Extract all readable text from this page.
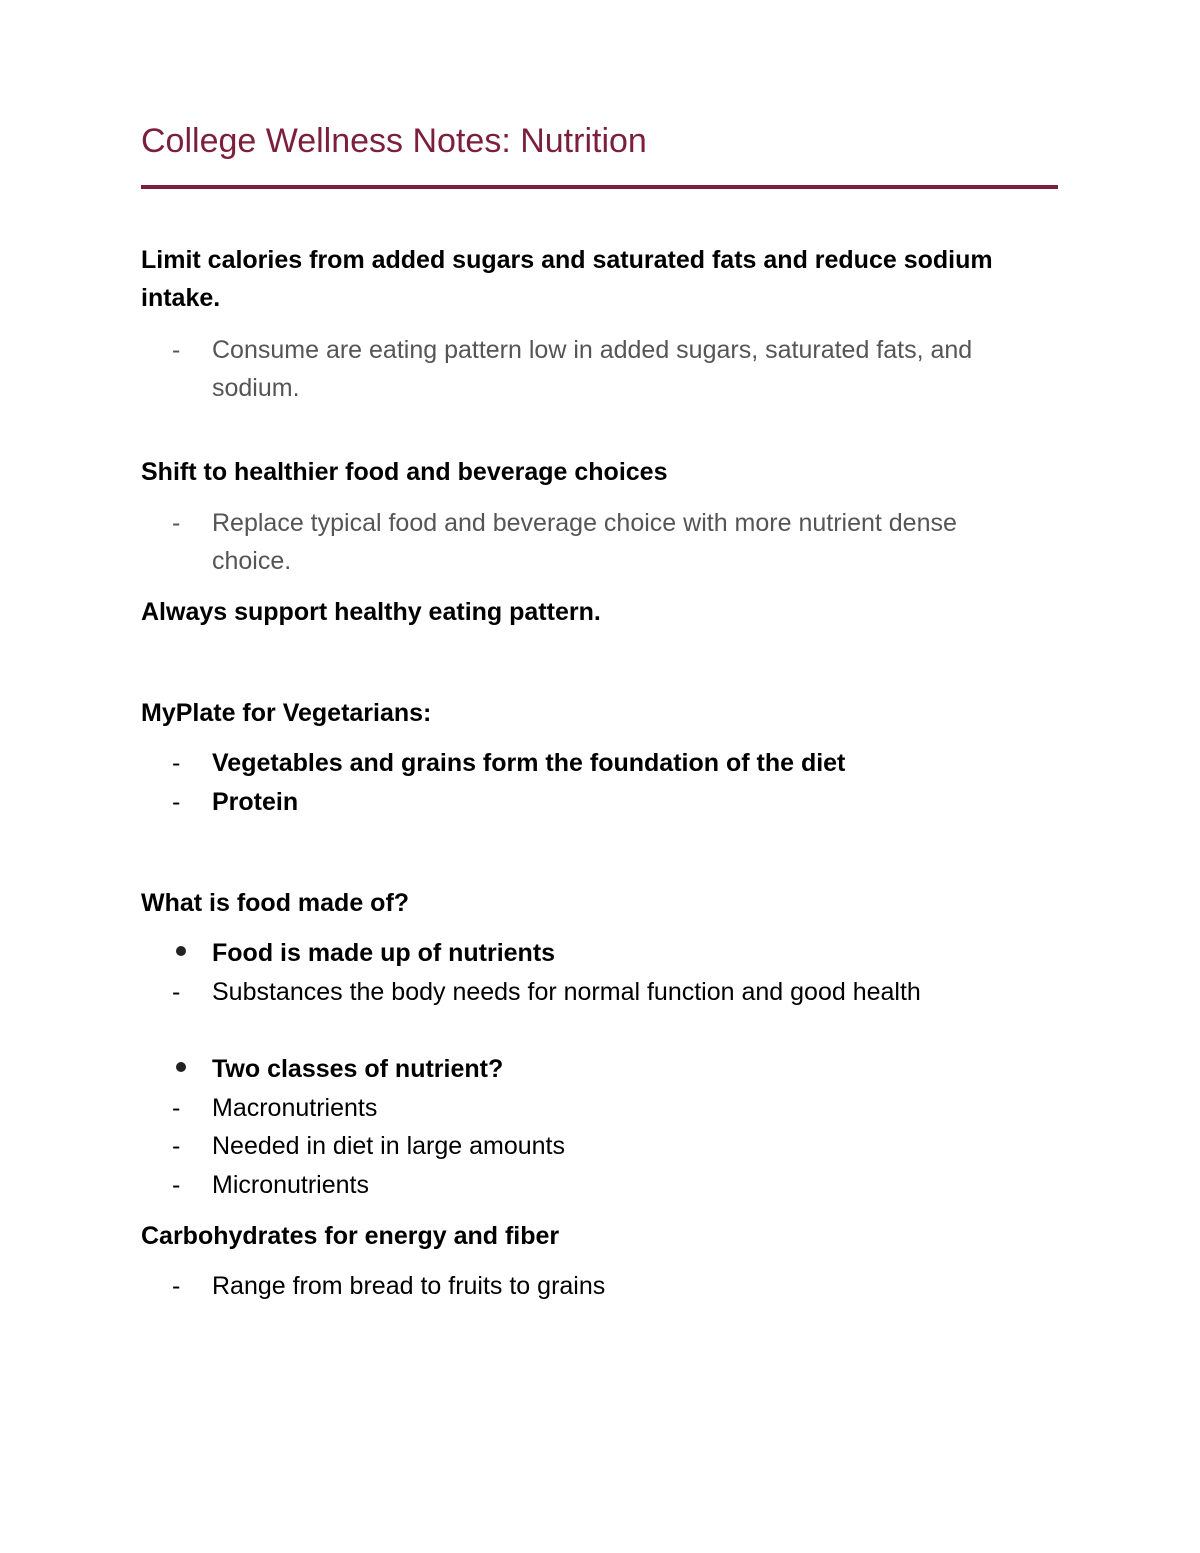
College Wellness Notes: Nutrition

Limit calories from added sugars and saturated fats and reduce sodium intake.

-	Consume are eating pattern low in added sugars, saturated fats, and sodium.

Shift to healthier food and beverage choices

-	Replace typical food and beverage choice with more nutrient dense choice.

Always support healthy eating pattern.

MyPlate for Vegetarians:

-	Vegetables and grains form the foundation of the diet
-	Protein

What is food made of?

Food is made up of nutrients
-	Substances the body needs for normal function and good health
Two classes of nutrient?
-	Macronutrients
-	Needed in diet in large amounts
-	Micronutrients

Carbohydrates for energy and fiber

-	Range from bread to fruits to grains
